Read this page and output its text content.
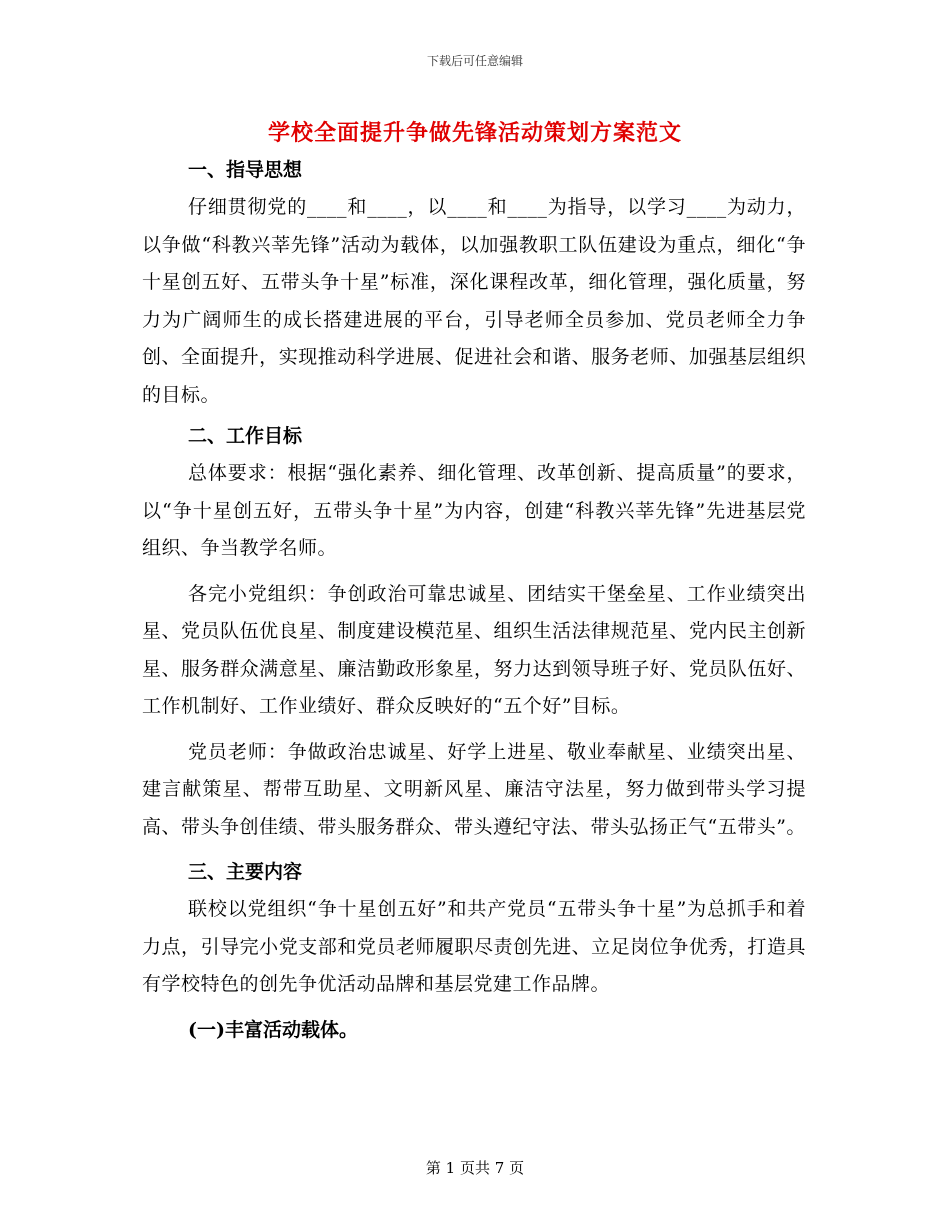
下载后可任意编辑
学校全面提升争做先锋活动策划方案范文
一、指导思想

仔细贯彻党的____和____，以____和____为指导，以学习____为动力，以争做“科教兴莘先锋”活动为载体，以加强教职工队伍建设为重点，细化“争十星创五好、五带头争十星”标准，深化课程改革，细化管理，强化质量，努力为广阔师生的成长搭建进展的平台，引导老师全员参加、党员老师全力争创、全面提升，实现推动科学进展、促进社会和谐、服务老师、加强基层组织的目标。

二、工作目标

总体要求：根据“强化素养、细化管理、改革创新、提高质量”的要求，以“争十星创五好，五带头争十星”为内容，创建“科教兴莘先锋”先进基层党组织、争当教学名师。

各完小党组织：争创政治可靠忠诚星、团结实干堡垒星、工作业绩突出星、党员队伍优良星、制度建设模范星、组织生活法律规范星、党内民主创新星、服务群众满意星、廉洁勤政形象星，努力达到领导班子好、党员队伍好、工作机制好、工作业绩好、群众反映好的“五个好”目标。

党员老师：争做政治忠诚星、好学上进星、敬业奉献星、业绩突出星、建言献策星、帮带互助星、文明新风星、廉洁守法星，努力做到带头学习提高、带头争创佳绩、带头服务群众、带头遵纪守法、带头弘扬正气“五带头”。

三、主要内容

联校以党组织“争十星创五好”和共产党员“五带头争十星”为总抓手和着力点，引导完小党支部和党员老师履职尽责创先进、立足岗位争优秀，打造具有学校特色的创先争优活动品牌和基层党建工作品牌。

(一)丰富活动载体。
第 1 页共 7 页
